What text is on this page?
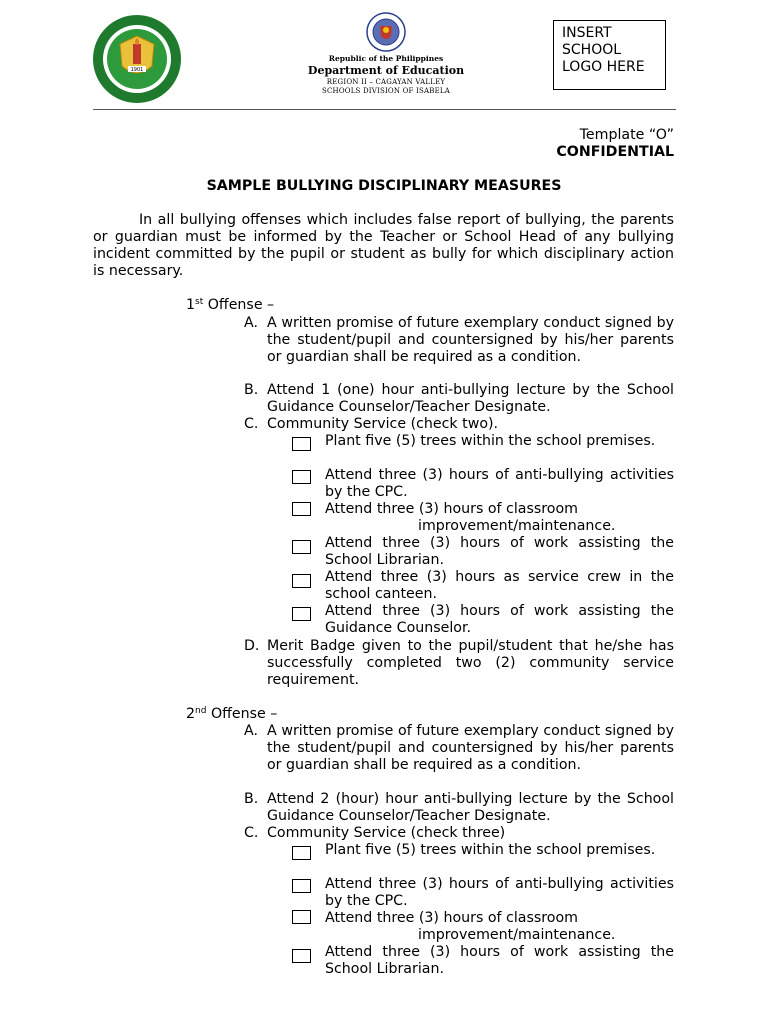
1901
Republic of the Philippines
Department of Education
REGION II – CAGAYAN VALLEY
SCHOOLS DIVISION OF ISABELA
INSERT
SCHOOL
LOGO HERE
Template “O”
CONFIDENTIAL
SAMPLE BULLYING DISCIPLINARY MEASURES

In all bullying offenses which includes false report of bullying, the parents or guardian must be informed by the Teacher or School Head of any bullying incident committed by the pupil or student as bully for which disciplinary action is necessary.

1st Offense –
A. A written promise of future exemplary conduct signed by the student/pupil and countersigned by his/her parents or guardian shall be required as a condition.
B. Attend 1 (one) hour anti-bullying lecture by the School Guidance Counselor/Teacher Designate.
C. Community Service (check two).
Plant five (5) trees within the school premises.
Attend three (3) hours of anti-bullying activities by the CPC.
Attend three (3) hours of classroom
improvement/maintenance.
Attend three (3) hours of work assisting the School Librarian.
Attend three (3) hours as service crew in the school canteen.
Attend three (3) hours of work assisting the Guidance Counselor.
D. Merit Badge given to the pupil/student that he/she has successfully completed two (2) community service requirement.
2nd Offense –
A. A written promise of future exemplary conduct signed by the student/pupil and countersigned by his/her parents or guardian shall be required as a condition.
B. Attend 2 (hour) hour anti-bullying lecture by the School Guidance Counselor/Teacher Designate.
C. Community Service (check three)
Plant five (5) trees within the school premises.
Attend three (3) hours of anti-bullying activities by the CPC.
Attend three (3) hours of classroom
improvement/maintenance.
Attend three (3) hours of work assisting the School Librarian.
